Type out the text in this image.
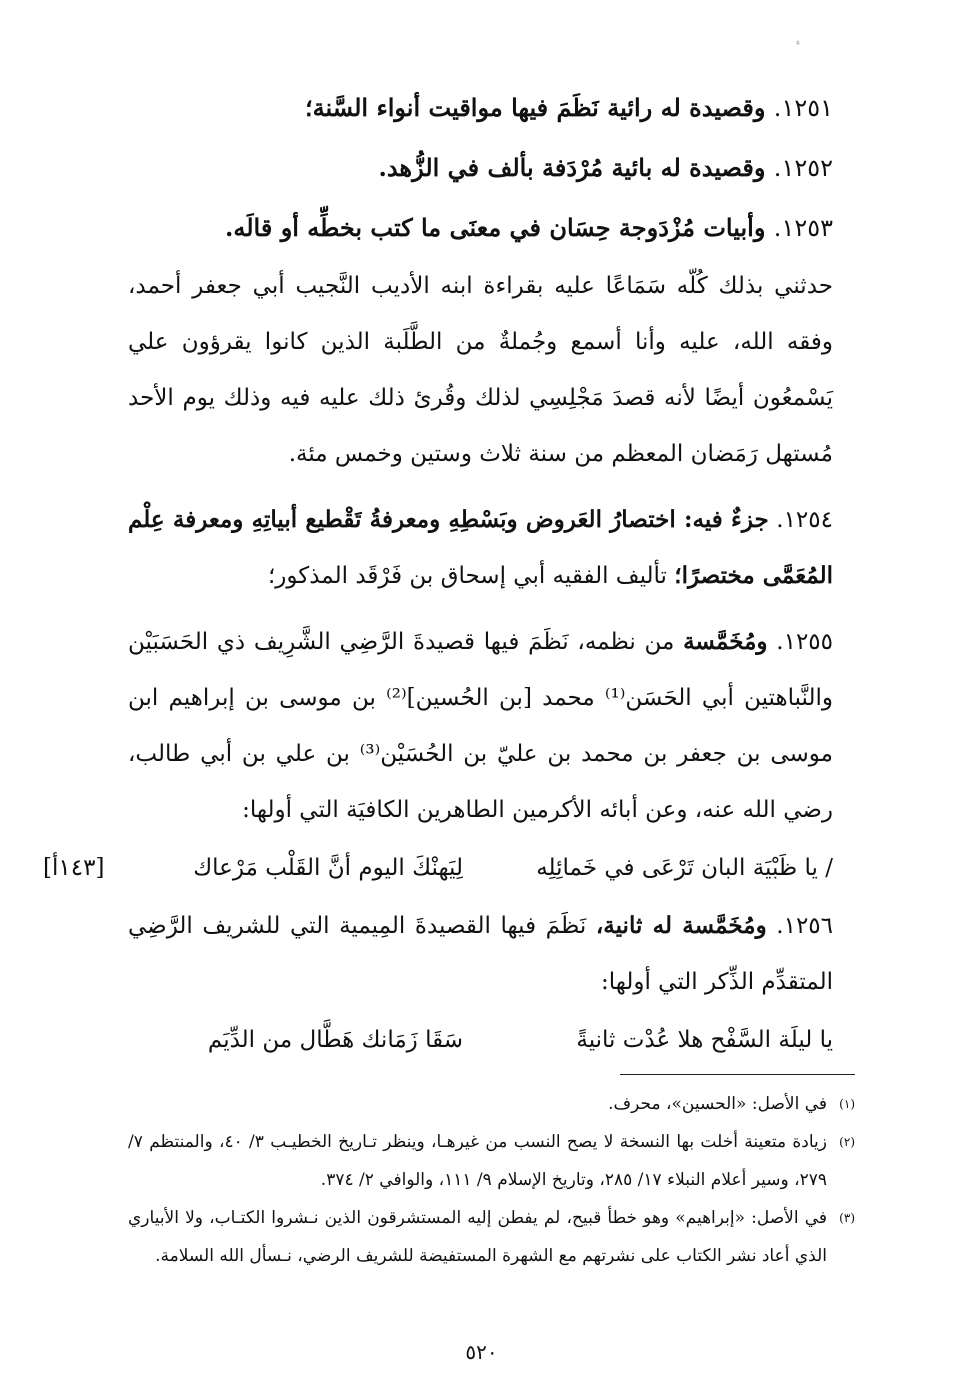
ء
١٢٥١. وقصيدة له رائية نَظَمَ فيها مواقيت أنواء السَّنة؛
١٢٥٢. وقصيدة له بائية مُرْدَفة بألف في الزُّهد.
١٢٥٣. وأبيات مُزْدَوجة حِسَان في معنَى ما كتب بخطِّه أو قالَه.

حدثني بذلك كُلّه سَمَاعًا عليه بقراءة ابنه الأديب النَّجيب أبي جعفر أحمد، وفقه الله، عليه وأنا أسمع وجُملةٌ من الطَّلَبة الذين كانوا يقرؤون علي يَسْمعُون أيضًا لأنه قصدَ مَجْلِسِي لذلك وقُرئ ذلك عليه فيه وذلك يوم الأحد مُستهل رَمَضان المعظم من سنة ثلاث وستين وخمس مئة.

١٢٥٤. جزءٌ فيه: اختصارُ العَروض وبَسْطِهِ ومعرفةُ تَقْطيع أبياتِهِ ومعرفة عِلْم المُعَمَّى مختصرًا؛ تأليف الفقيه أبي إسحاق بن فَرْقَد المذكور؛

١٢٥٥. ومُخَمَّسة من نظمه، نَظَمَ فيها قصيدةَ الرَّضِي الشَّرِيف ذي الحَسَبَيْن والنَّباهتين أبي الحَسَن⁽¹⁾ محمد [بن الحُسين]⁽²⁾ بن موسى بن إبراهيم ابن موسى بن جعفر بن محمد بن عليّ بن الحُسَيْن⁽³⁾ بن علي بن أبي طالب، رضي الله عنه، وعن أبائه الأكرمين الطاهرين الكافيَة التي أولها:

/ يا ظَبْيَة البان تَرْعَى في خَمائِلِه
لِيَهنْكَ اليوم أنَّ القَلْب مَرْعاك
[١٤٣أ]

١٢٥٦. ومُخَمَّسة له ثانية، نَظَمَ فيها القصيدةَ المِيمية التي للشريف الرَّضِي المتقدِّم الذِّكر التي أولها:

يا ليلَة السَّفْح هلا عُدْت ثانيةً
سَقَا زَمَانك هَطَّال من الدِّيَم
(١)
في الأصل: «الحسين»، محرف.
(٢)
زيادة متعينة أخلت بها النسخة لا يصح النسب من غيرهـا، وينظر تـاريخ الخطيـب ٣/ ٤٠، والمنتظم ٧/ ٢٧٩، وسير أعلام النبلاء ١٧/ ٢٨٥، وتاريخ الإسلام ٩/ ١١١، والوافي ٢/ ٣٧٤.
(٣)
في الأصل: «إبراهيم» وهو خطأ قبيح، لم يفطن إليه المستشرقون الذين نـشروا الكتـاب، ولا الأبياري الذي أعاد نشر الكتاب على نشرتهم مع الشهرة المستفيضة للشريف الرضي، نـسأل الله السلامة.
٥٢٠
